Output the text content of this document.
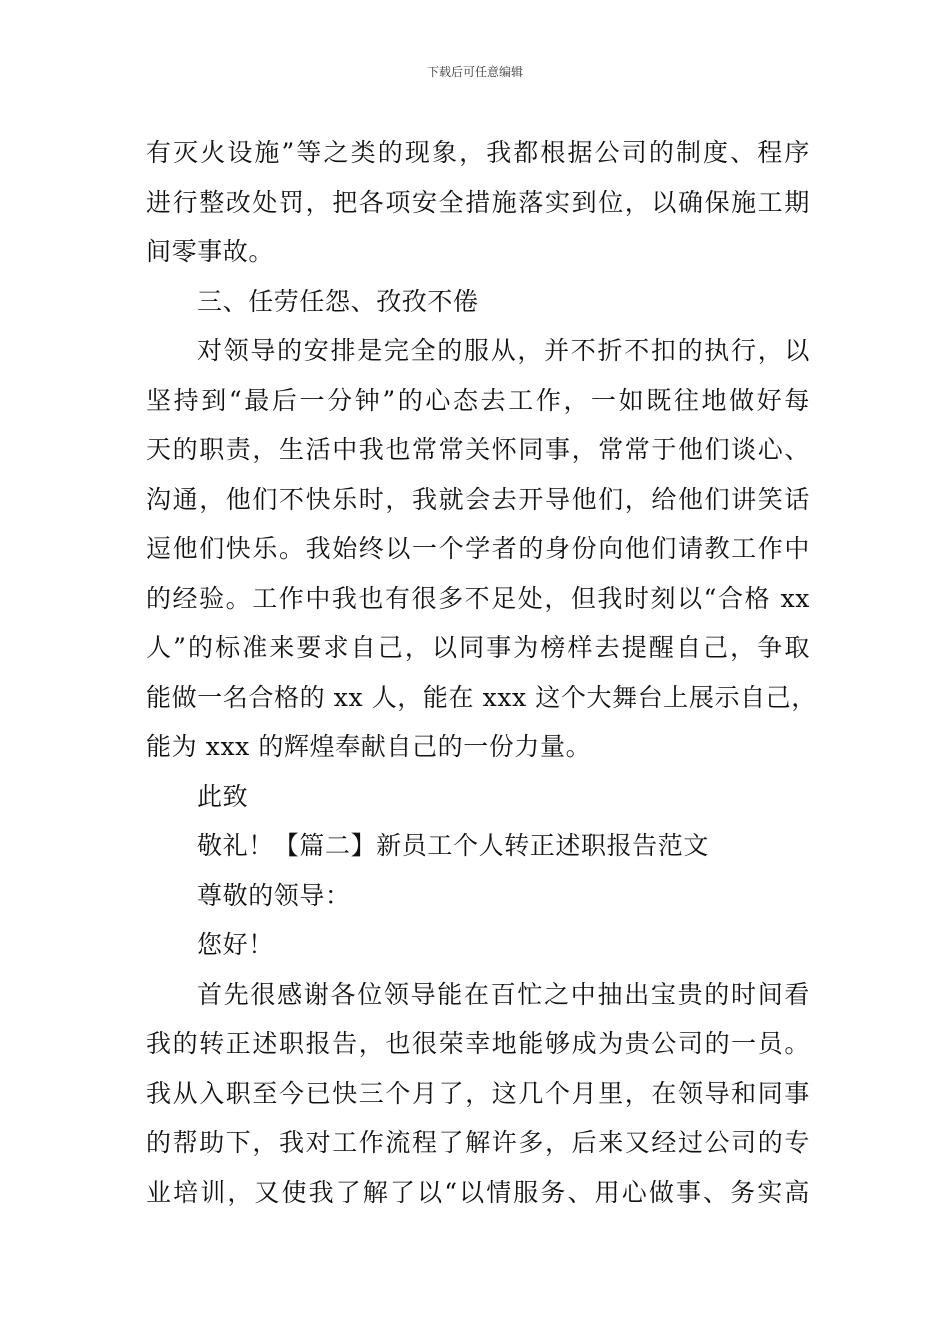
下载后可任意编辑
有灭火设施”等之类的现象，我都根据公司的制度、程序
进行整改处罚，把各项安全措施落实到位，以确保施工期
间零事故。
三、任劳任怨、孜孜不倦
对领导的安排是完全的服从，并不折不扣的执行，以
坚持到“最后一分钟”的心态去工作，一如既往地做好每
天的职责，生活中我也常常关怀同事，常常于他们谈心、
沟通，他们不快乐时，我就会去开导他们，给他们讲笑话
逗他们快乐。我始终以一个学者的身份向他们请教工作中
的经验。工作中我也有很多不足处，但我时刻以“合格 xx
人”的标准来要求自己，以同事为榜样去提醒自己，争取
能做一名合格的 xx 人，能在 xxx 这个大舞台上展示自己，
能为 xxx 的辉煌奉献自己的一份力量。
此致
敬礼！【篇二】新员工个人转正述职报告范文
尊敬的领导：
您好！
首先很感谢各位领导能在百忙之中抽出宝贵的时间看
我的转正述职报告，也很荣幸地能够成为贵公司的一员。
我从入职至今已快三个月了，这几个月里，在领导和同事
的帮助下，我对工作流程了解许多，后来又经过公司的专
业培训，又使我了解了以“以情服务、用心做事、务实高
